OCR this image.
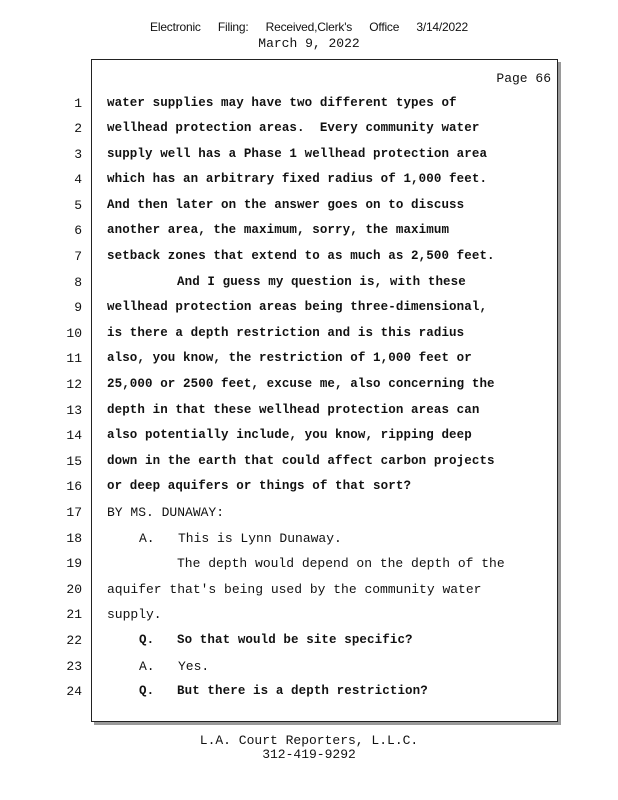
Electronic Filing: Received,Clerk's Office 3/14/2022
March 9, 2022
Page 66
1
2
3
4
5
6
7
8
9
10
11
12
13
14
15
16
17
18
19
20
21
22
23
24
water supplies may have two different types of
wellhead protection areas.  Every community water
supply well has a Phase 1 wellhead protection area
which has an arbitrary fixed radius of 1,000 feet.
And then later on the answer goes on to discuss
another area, the maximum, sorry, the maximum
setback zones that extend to as much as 2,500 feet.
And I guess my question is, with these
wellhead protection areas being three-dimensional,
is there a depth restriction and is this radius
also, you know, the restriction of 1,000 feet or
25,000 or 2500 feet, excuse me, also concerning the
depth in that these wellhead protection areas can
also potentially include, you know, ripping deep
down in the earth that could affect carbon projects
or deep aquifers or things of that sort?
BY MS. DUNAWAY:
A.   This is Lynn Dunaway.
The depth would depend on the depth of the
aquifer that's being used by the community water
supply.
Q.   So that would be site specific?
A.   Yes.
Q.   But there is a depth restriction?
L.A. Court Reporters, L.L.C.
312-419-9292
